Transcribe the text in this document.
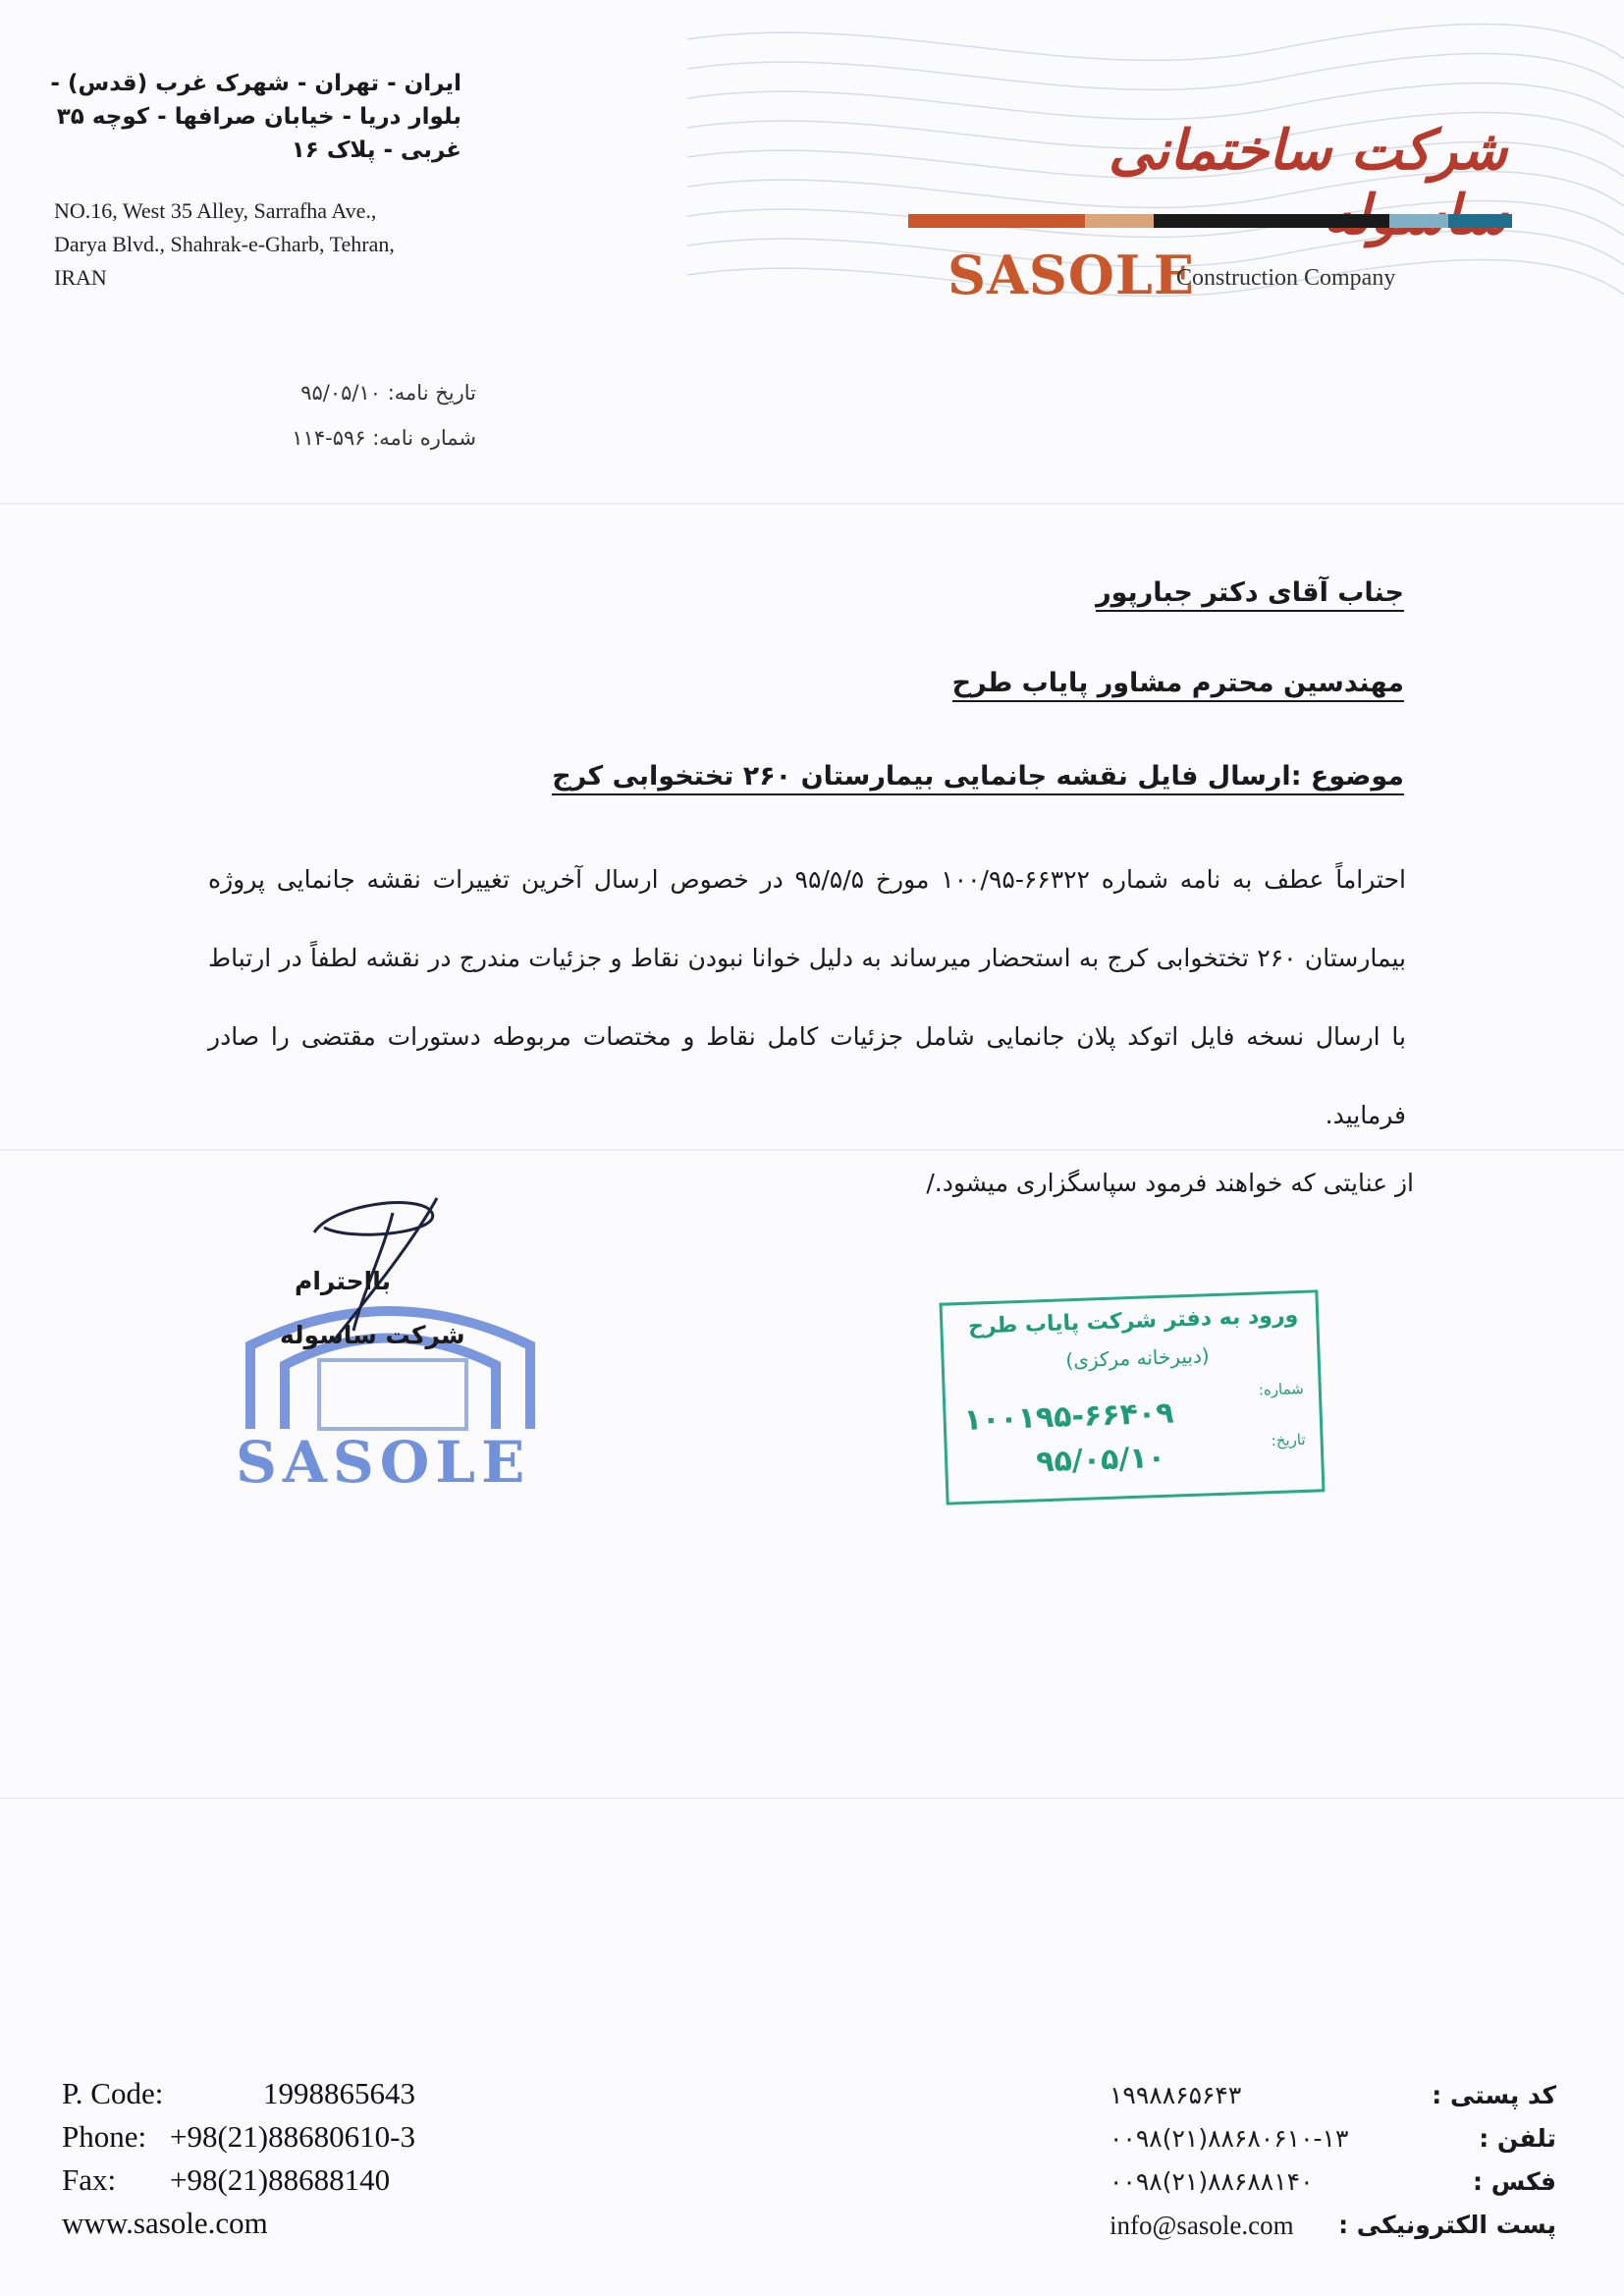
شرکت ساختمانی
SASOLE
Construction Company
ایران - تهران - شهرک غرب (قدس) -
بلوار دریا - خیابان صرافها - کوچه ۳۵
غربی - پلاک ۱۶
NO.16, West 35 Alley, Sarrafha Ave.,
Darya Blvd., Shahrak-e-Gharb, Tehran,
IRAN
تاریخ نامه: ۹۵/۰۵/۱۰
شماره نامه: ۵۹۶-۱۱۴
جناب آقای دکتر جبارپور
مهندسین محترم مشاور پایاب طرح
موضوع :ارسال فایل نقشه جانمایی بیمارستان ۲۶۰ تختخوابی کرج
احتراماً عطف به نامه شماره ۶۶۳۲۲-۱۰۰/۹۵ مورخ ۹۵/۵/۵ در خصوص ارسال آخرین تغییرات نقشه جانمایی پروژه بیمارستان ۲۶۰ تختخوابی کرج به استحضار میرساند به دلیل خوانا نبودن نقاط و جزئیات مندرج در نقشه لطفاً در ارتباط با ارسال نسخه فایل اتوکد پلان جانمایی شامل جزئیات کامل نقاط و مختصات مربوطه دستورات مقتضی را صادر فرمایید.
از عنایتی که خواهند فرمود سپاسگزاری میشود./
SASOLE
بااحترام
شرکت ساسوله	ورود به دفتر شرکت پایاب طرح
(دبیرخانه مرکزی)
شماره:
تاریخ:
۱۰۰۱۹۵-۶۶۴۰۹
۹۵/۰۵/۱۰
P. Code:	1998865643
Phone: +98(21)88680610-3
Fax:	+98(21)88688140
www.sasole.com
کد پستی :
۱۹۹۸۸۶۵۶۴۳
تلفن :
۰۰۹۸(۲۱)۸۸۶۸۰۶۱۰-۱۳
فکس :
۰۰۹۸(۲۱)۸۸۶۸۸۱۴۰
پست الکترونیکی :
info@sasole.com
